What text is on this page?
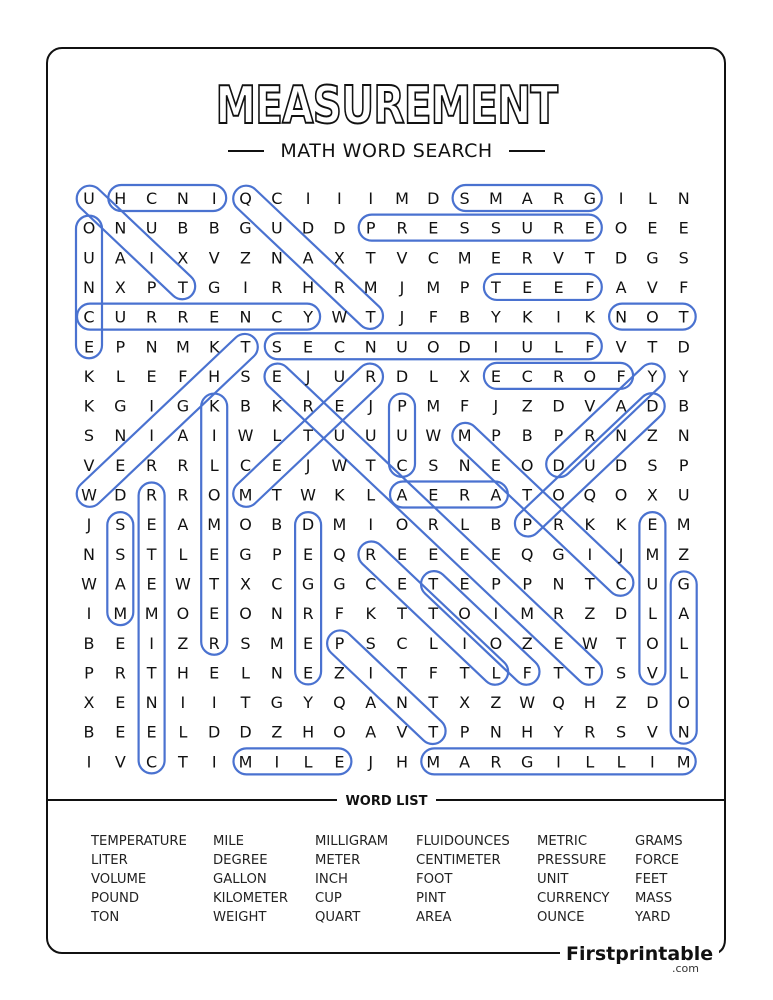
MEASUREMENT
MATH WORD SEARCH
U H C N I Q C I I I M D S M A R G I L N
O N U B B G U D D P R E S S U R E O E E
U A I X V Z N A X T V C M E R V T D G S
N X P T G I R H R M J M P T E E F A V F
C U R R E N C Y W T J F B Y K I K N O T
E P N M K T S E C N U O D I U L F V T D
K L E F H S E J U R D L X E C R O F Y Y
K G I G K B K R E J P M F J Z D V A D B
S N I A I W L T U U U W M P B P R N Z N
V E R R L C E J W T C S N E O D U D S P
W D R R O M T W K L A E R A T O Q O X U
J S E A M O B D M I O R L B P R K K E M
N S T L E G P E Q R E E E E Q G I J M Z
W A E W T X C G G C E T E P P N T C U G
I M M O E O N R F K T T O I M R Z D L A
B E I Z R S M E P S C L I O Z E W T O L
P R T H E L N E Z I T F T L F T T S V L
X E N I I T G Y Q A N T X Z W Q H Z D O
B E E L D D Z H O A V T P N H Y R S V N
I V C T I M I L E J H M A R G I L L I M
WORD LIST
TEMPERATURE
LITER
VOLUME
POUND
TON
MILE
DEGREE
GALLON
KILOMETER
WEIGHT
MILLIGRAM
METER
INCH
CUP
QUART
FLUIDOUNCES
CENTIMETER
FOOT
PINT
AREA
METRIC
PRESSURE
UNIT
CURRENCY
OUNCE
GRAMS
FORCE
FEET
MASS
YARD
Firstprintable
.com
